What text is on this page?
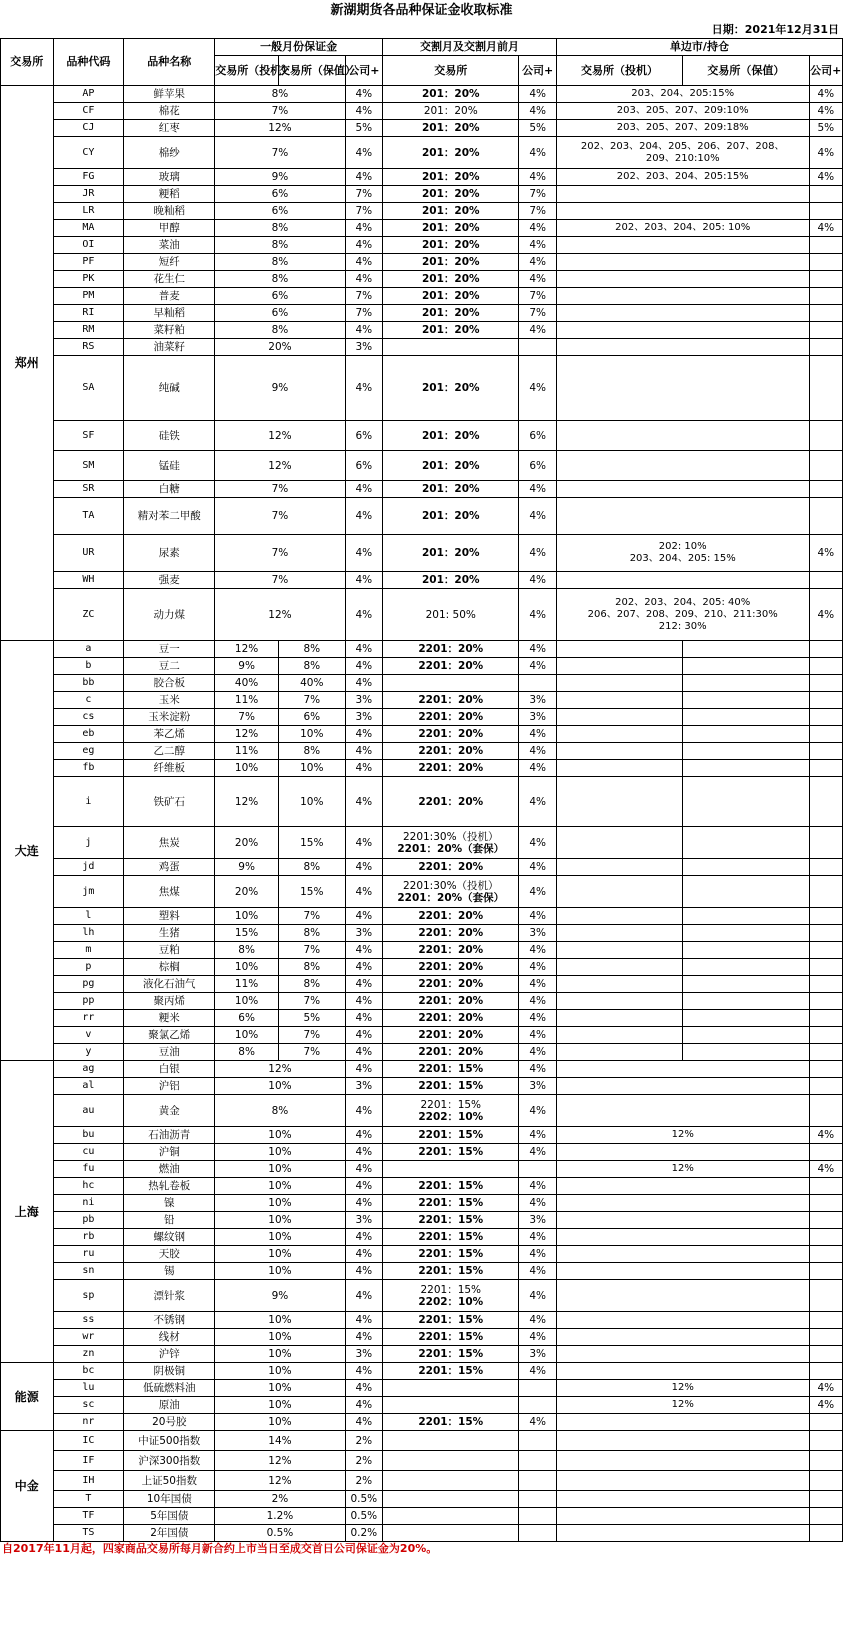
新湖期货各品种保证金收取标准
日期：2021年12月31日
交易所	品种代码	品种名称	一般月份保证金			交割月及交割月前月		单边市/持仓		
			交易所（投机）	交易所（保值）	公司+	交易所	公司+	交易所（投机）	交易所（保值）	公司+
郑州	AP	鲜苹果	8%		4%	201：20%	4%	203、204、205:15%		4%
	CF	棉花	7%		4%	201：20%	4%	203、205、207、209:10%		4%
	CJ	红枣	12%		5%	201：20%	5%	203、205、207、209:18%		5%
	CY	棉纱	7%		4%	201：20%	4%	202、203、204、205、206、207、208、
209、210:10%		4%
	FG	玻璃	9%		4%	201：20%	4%	202、203、204、205:15%		4%
	JR	粳稻	6%		7%	201：20%	7%			
	LR	晚籼稻	6%		7%	201：20%	7%			
	MA	甲醇	8%		4%	201：20%	4%	202、203、204、205: 10%		4%
	OI	菜油	8%		4%	201：20%	4%			
	PF	短纤	8%		4%	201：20%	4%			
	PK	花生仁	8%		4%	201：20%	4%			
	PM	普麦	6%		7%	201：20%	7%			
	RI	早籼稻	6%		7%	201：20%	7%			
	RM	菜籽粕	8%		4%	201：20%	4%			
	RS	油菜籽	20%		3%					
	SA	纯碱	9%		4%	201：20%	4%			
	SF	硅铁	12%		6%	201：20%	6%			
	SM	锰硅	12%		6%	201：20%	6%			
	SR	白糖	7%		4%	201：20%	4%			
	TA	精对苯二甲酸	7%		4%	201：20%	4%			
	UR	尿素	7%		4%	201：20%	4%	202: 10%
203、204、205: 15%		4%
	WH	强麦	7%		4%	201：20%	4%			
	ZC	动力煤	12%		4%	201: 50%	4%	202、203、204、205: 40%
206、207、208、209、210、211:30%
212: 30%		4%
大连	a	豆一	12%	8%	4%	2201：20%	4%			
	b	豆二	9%	8%	4%	2201：20%	4%			
	bb	胶合板	40%	40%	4%					
	c	玉米	11%	7%	3%	2201：20%	3%			
	cs	玉米淀粉	7%	6%	3%	2201：20%	3%			
	eb	苯乙烯	12%	10%	4%	2201：20%	4%			
	eg	乙二醇	11%	8%	4%	2201：20%	4%			
	fb	纤维板	10%	10%	4%	2201：20%	4%			
	i	铁矿石	12%	10%	4%	2201：20%	4%			
	j	焦炭	20%	15%	4%	2201:30%（投机）
2201：20%（套保）	4%			
	jd	鸡蛋	9%	8%	4%	2201：20%	4%			
	jm	焦煤	20%	15%	4%	2201:30%（投机）
2201：20%（套保）	4%			
	l	塑料	10%	7%	4%	2201：20%	4%			
	lh	生猪	15%	8%	3%	2201：20%	3%			
	m	豆粕	8%	7%	4%	2201：20%	4%			
	p	棕榈	10%	8%	4%	2201：20%	4%			
	pg	液化石油气	11%	8%	4%	2201：20%	4%			
	pp	聚丙烯	10%	7%	4%	2201：20%	4%			
	rr	粳米	6%	5%	4%	2201：20%	4%			
	v	聚氯乙烯	10%	7%	4%	2201：20%	4%			
	y	豆油	8%	7%	4%	2201：20%	4%			
上海	ag	白银	12%		4%	2201：15%	4%			
	al	沪铝	10%		3%	2201：15%	3%			
	au	黄金	8%		4%	2201：15%
2202：10%	4%			
	bu	石油沥青	10%		4%	2201：15%	4%	12%		4%
	cu	沪铜	10%		4%	2201：15%	4%			
	fu	燃油	10%		4%			12%		4%
	hc	热轧卷板	10%		4%	2201：15%	4%			
	ni	镍	10%		4%	2201：15%	4%			
	pb	铅	10%		3%	2201：15%	3%			
	rb	螺纹钢	10%		4%	2201：15%	4%			
	ru	天胶	10%		4%	2201：15%	4%			
	sn	锡	10%		4%	2201：15%	4%			
	sp	漂针浆	9%		4%	2201：15%
2202：10%	4%			
	ss	不锈钢	10%		4%	2201：15%	4%			
	wr	线材	10%		4%	2201：15%	4%			
	zn	沪锌	10%		3%	2201：15%	3%			
能源	bc	阴极铜	10%		4%	2201：15%	4%			
	lu	低硫燃料油	10%		4%			12%		4%
	sc	原油	10%		4%			12%		4%
	nr	20号胶	10%		4%	2201：15%	4%			
中金	IC	中证500指数	14%		2%					
	IF	沪深300指数	12%		2%					
	IH	上证50指数	12%		2%					
	T	10年国债	2%		0.5%					
	TF	5年国债	1.2%		0.5%					
	TS	2年国债	0.5%		0.2%					
自2017年11月起，四家商品交易所每月新合约上市当日至成交首日公司保证金为20%。
